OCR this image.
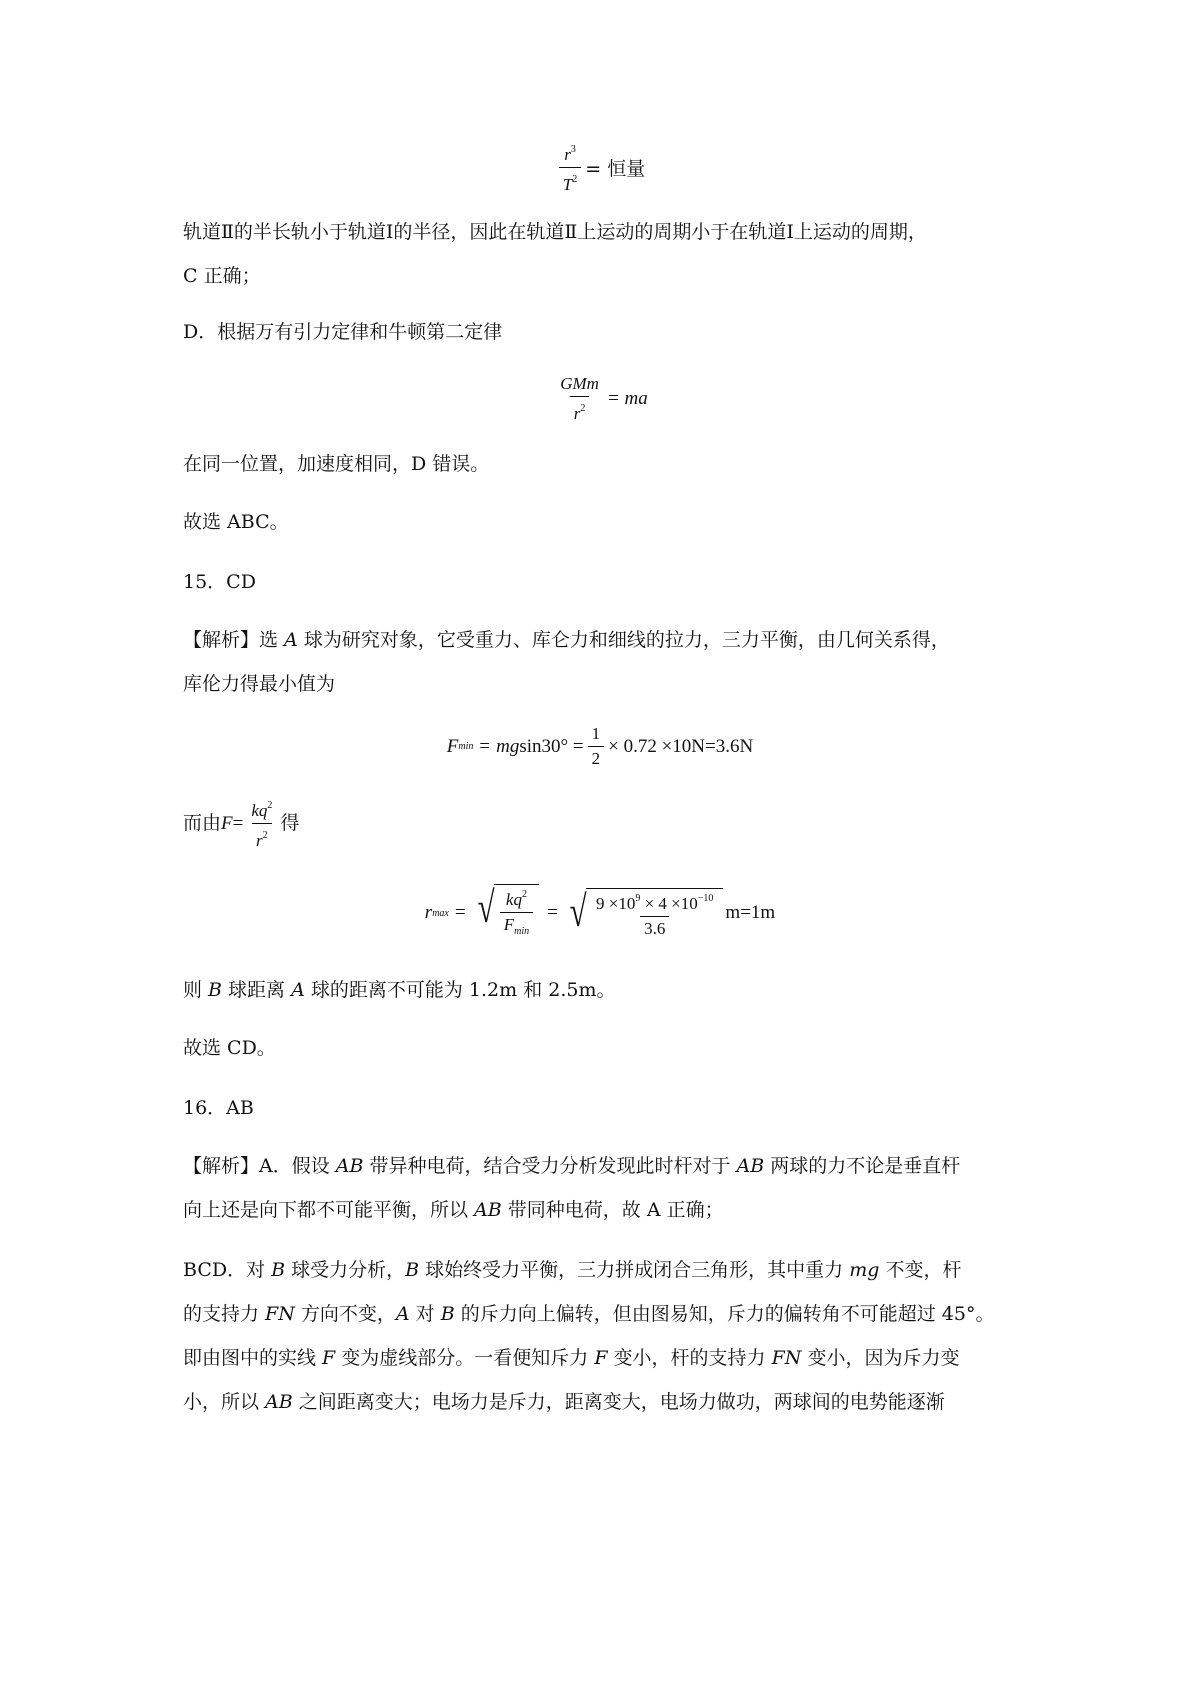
$\frac{r^3}{T^2}$ = 恒量
轨道Ⅱ的半长轨小于轨道Ⅰ的半径，因此在轨道Ⅱ上运动的周期小于在轨道Ⅰ上运动的周期，
C 正确；
D．根据万有引力定律和牛顿第二定律
$\frac{\text{GMm}}{r^2}$ = ma
在同一位置，加速度相同，D 错误。
故选 ABC。
15．CD
【解析】选 A 球为研究对象，它受重力、库仑力和细线的拉力，三力平衡，由几何关系得，
库伦力得最小值为
F min = mg $\sin 30^\circ = \frac{1}{2} \times 0.72 \times 10N=3.6N$
而由 $F = \frac{kq^2}{r^2}$ 得
r max = √ $\frac{kq^2}{F_{min}}$ = √ $\frac{9 \times 10^9 \times 4 \times 10^{-10}}{3.6} m=1m$
则 B 球距离 A 球的距离不可能为 1.2m 和 2.5m。
故选 CD。
16．AB
【解析】A．假设 AB 带异种电荷，结合受力分析发现此时杆对于 AB 两球的力不论是垂直杆
向上还是向下都不可能平衡，所以 AB 带同种电荷，故 A 正确；
BCD．对 B 球受力分析，B 球始终受力平衡，三力拼成闭合三角形，其中重力 mg 不变，杆
的支持力 FN 方向不变，A 对 B 的斥力向上偏转，但由图易知，斥力的偏转角不可能超过 45°。
即由图中的实线 F 变为虚线部分。一看便知斥力 F 变小，杆的支持力 FN 变小，因为斥力变
小，所以 AB 之间距离变大；电场力是斥力，距离变大，电场力做功，两球间的电势能逐渐
